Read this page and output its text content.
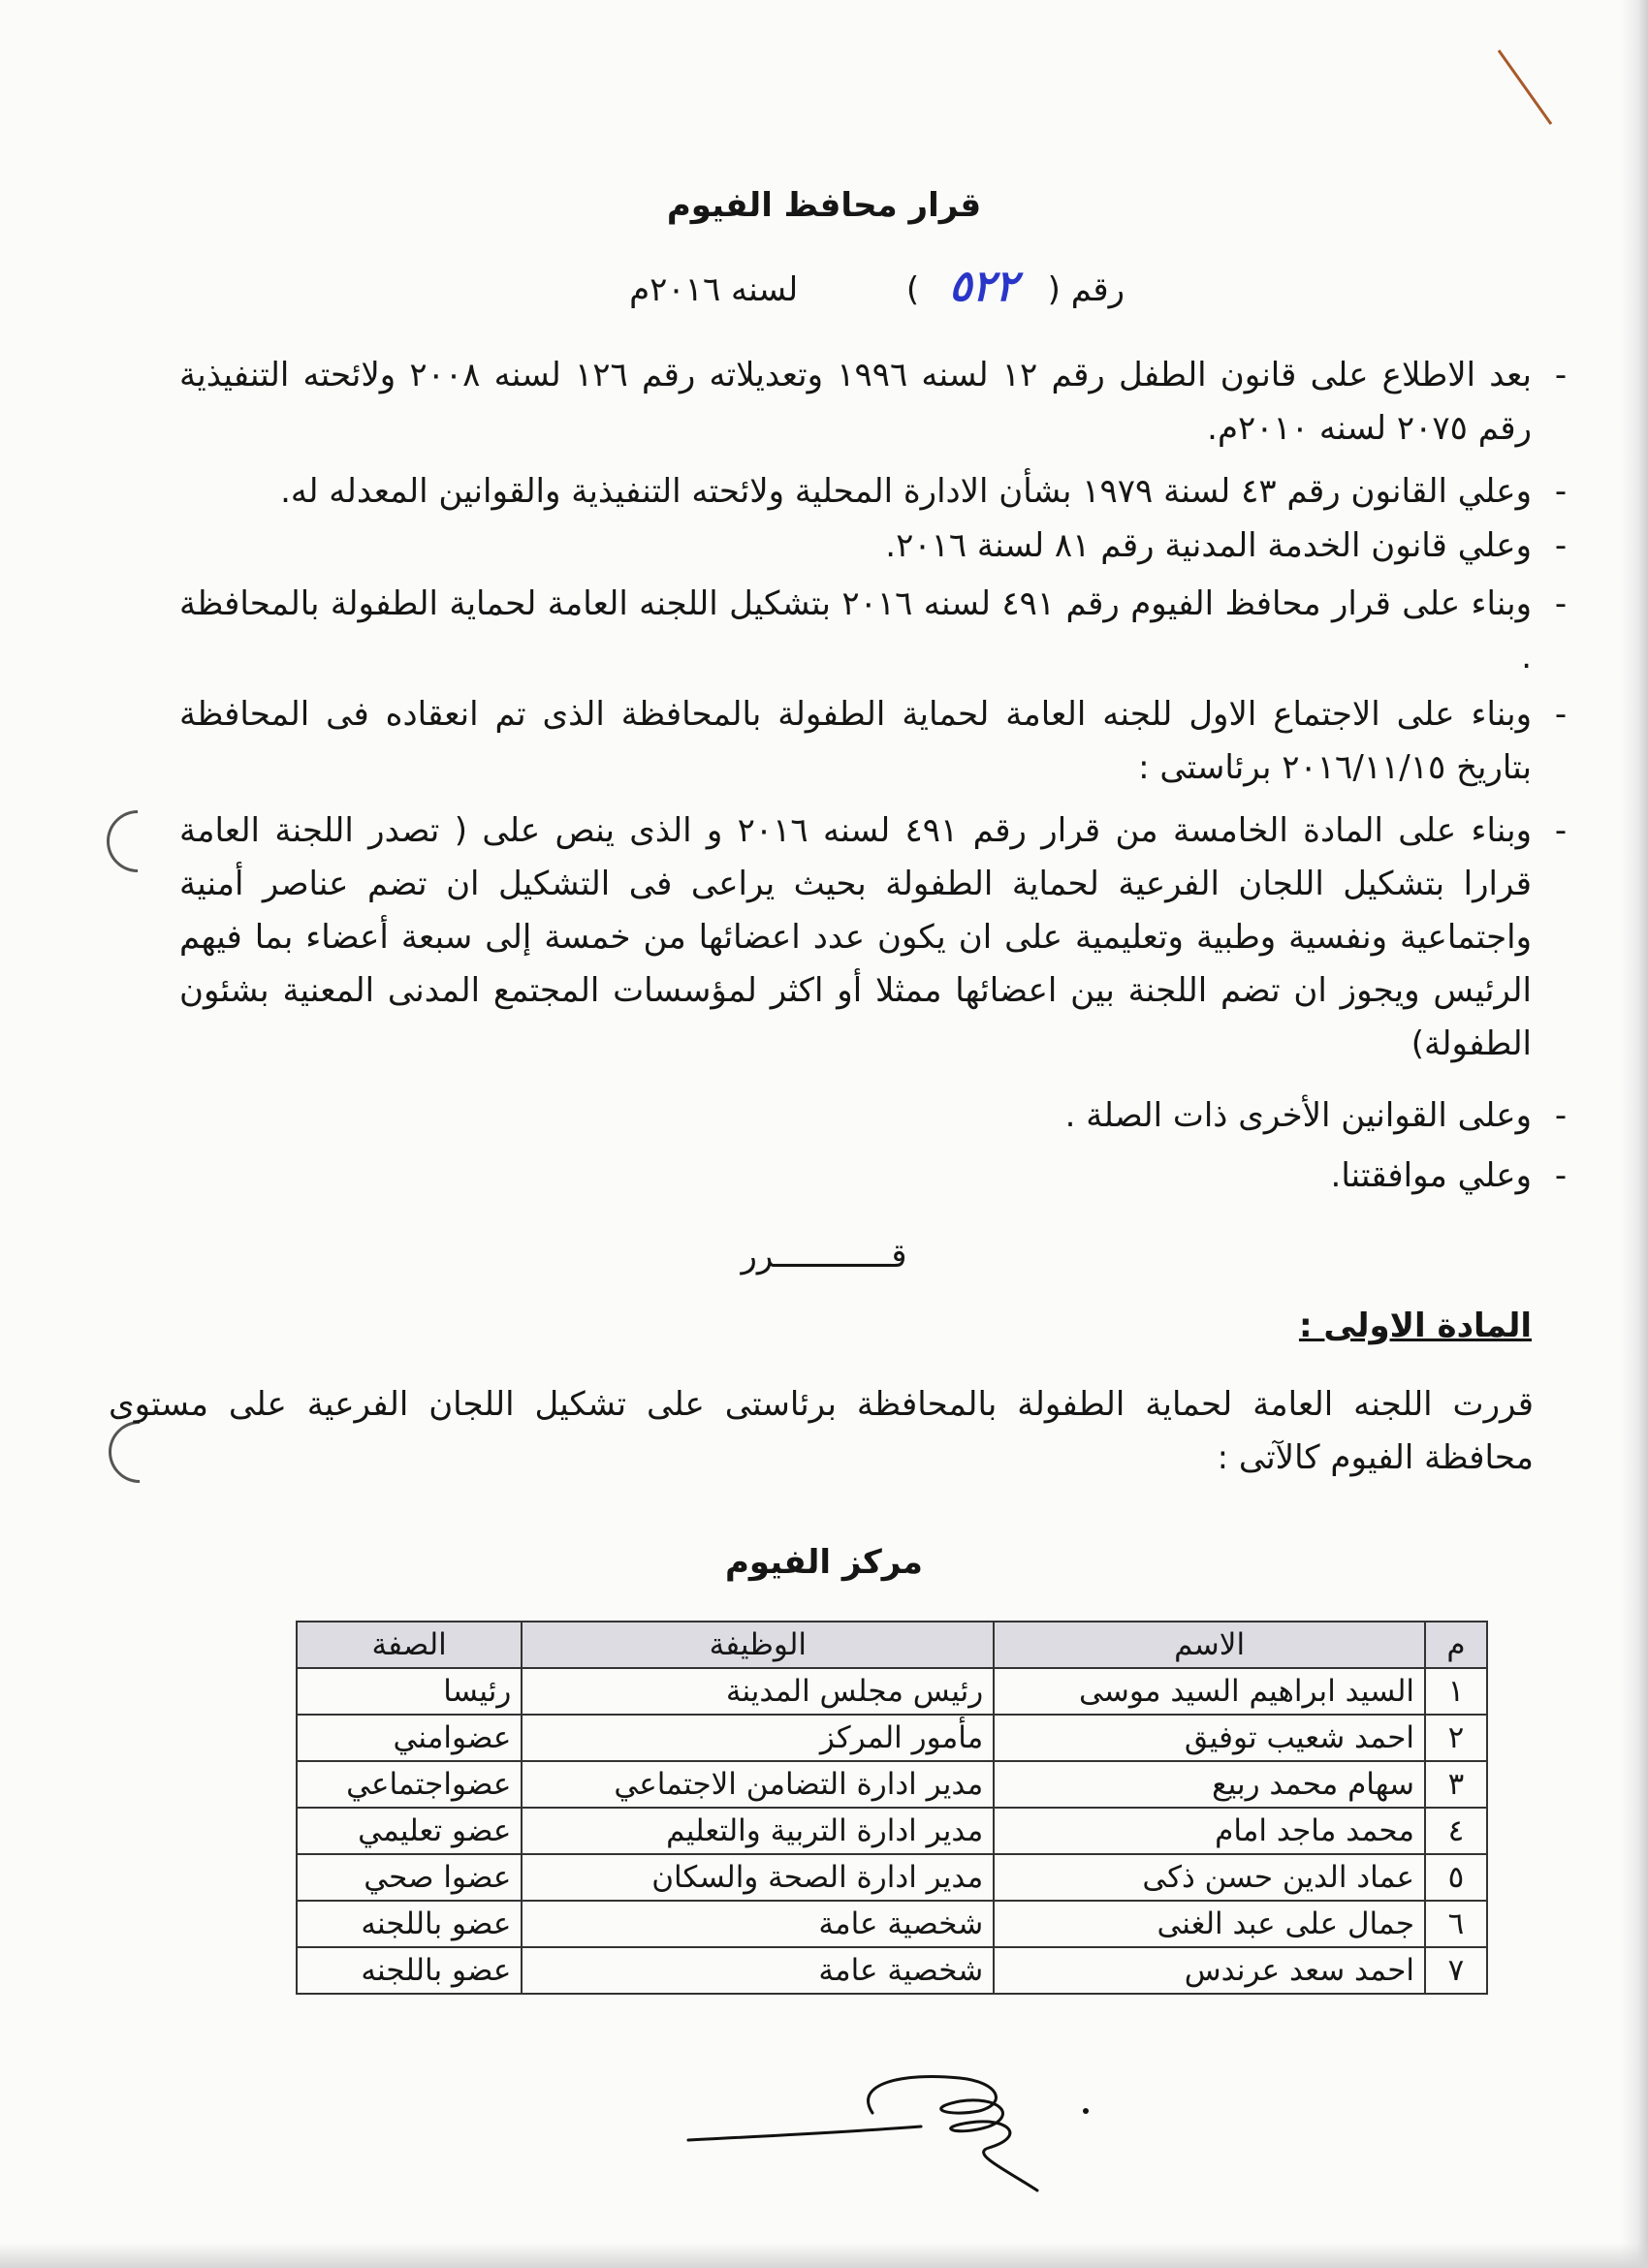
قرار محافظ الفيوم
رقم ( ٥٢٢ )  لسنه ٢٠١٦م
-
بعد الاطلاع على قانون الطفل رقم ١٢ لسنه ١٩٩٦ وتعديلاته رقم ١٢٦ لسنه ٢٠٠٨ ولائحته التنفيذية رقم ٢٠٧٥ لسنه ٢٠١٠م.
-
وعلي القانون رقم ٤٣ لسنة ١٩٧٩ بشأن الادارة المحلية ولائحته التنفيذية والقوانين المعدله له.
-
وعلي قانون الخدمة المدنية رقم ٨١ لسنة ٢٠١٦.
-
وبناء على قرار محافظ الفيوم رقم ٤٩١ لسنه ٢٠١٦ بتشكيل اللجنه العامة لحماية الطفولة بالمحافظة .
-
وبناء على الاجتماع الاول للجنه العامة لحماية الطفولة بالمحافظة الذى تم انعقاده فى المحافظة بتاريخ ٢٠١٦/١١/١٥ برئاستى :
-
وبناء على المادة الخامسة من قرار رقم ٤٩١ لسنه ٢٠١٦ و الذى ينص على ( تصدر اللجنة العامة قرارا بتشكيل اللجان الفرعية لحماية الطفولة بحيث يراعى فى التشكيل ان تضم عناصر أمنية واجتماعية ونفسية وطبية وتعليمية على ان يكون عدد اعضائها من خمسة إلى سبعة أعضاء بما فيهم الرئيس ويجوز ان تضم اللجنة بين اعضائها ممثلا أو اكثر لمؤسسات المجتمع المدنى المعنية بشئون الطفولة)
-
وعلى القوانين الأخرى ذات الصلة .
-
وعلي موافقتنا.
قــــــــــــرر
المادة الاولى :
قررت اللجنه العامة لحماية الطفولة بالمحافظة برئاستى على تشكيل اللجان الفرعية على مستوى محافظة الفيوم كالآتى :
مركز الفيوم
م	الاسم	الوظيفة	الصفة
١	السيد ابراهيم السيد موسى	رئيس مجلس المدينة	رئيسا
٢	احمد شعيب توفيق	مأمور المركز	عضوامني
٣	سهام محمد ربيع	مدير ادارة التضامن الاجتماعي	عضواجتماعي
٤	محمد ماجد امام	مدير ادارة التربية والتعليم	عضو تعليمي
٥	عماد الدين حسن ذكى	مدير ادارة الصحة والسكان	عضوا صحي
٦	جمال على عبد الغنى	شخصية عامة	عضو باللجنه
٧	احمد سعد عرندس	شخصية عامة	عضو باللجنه
